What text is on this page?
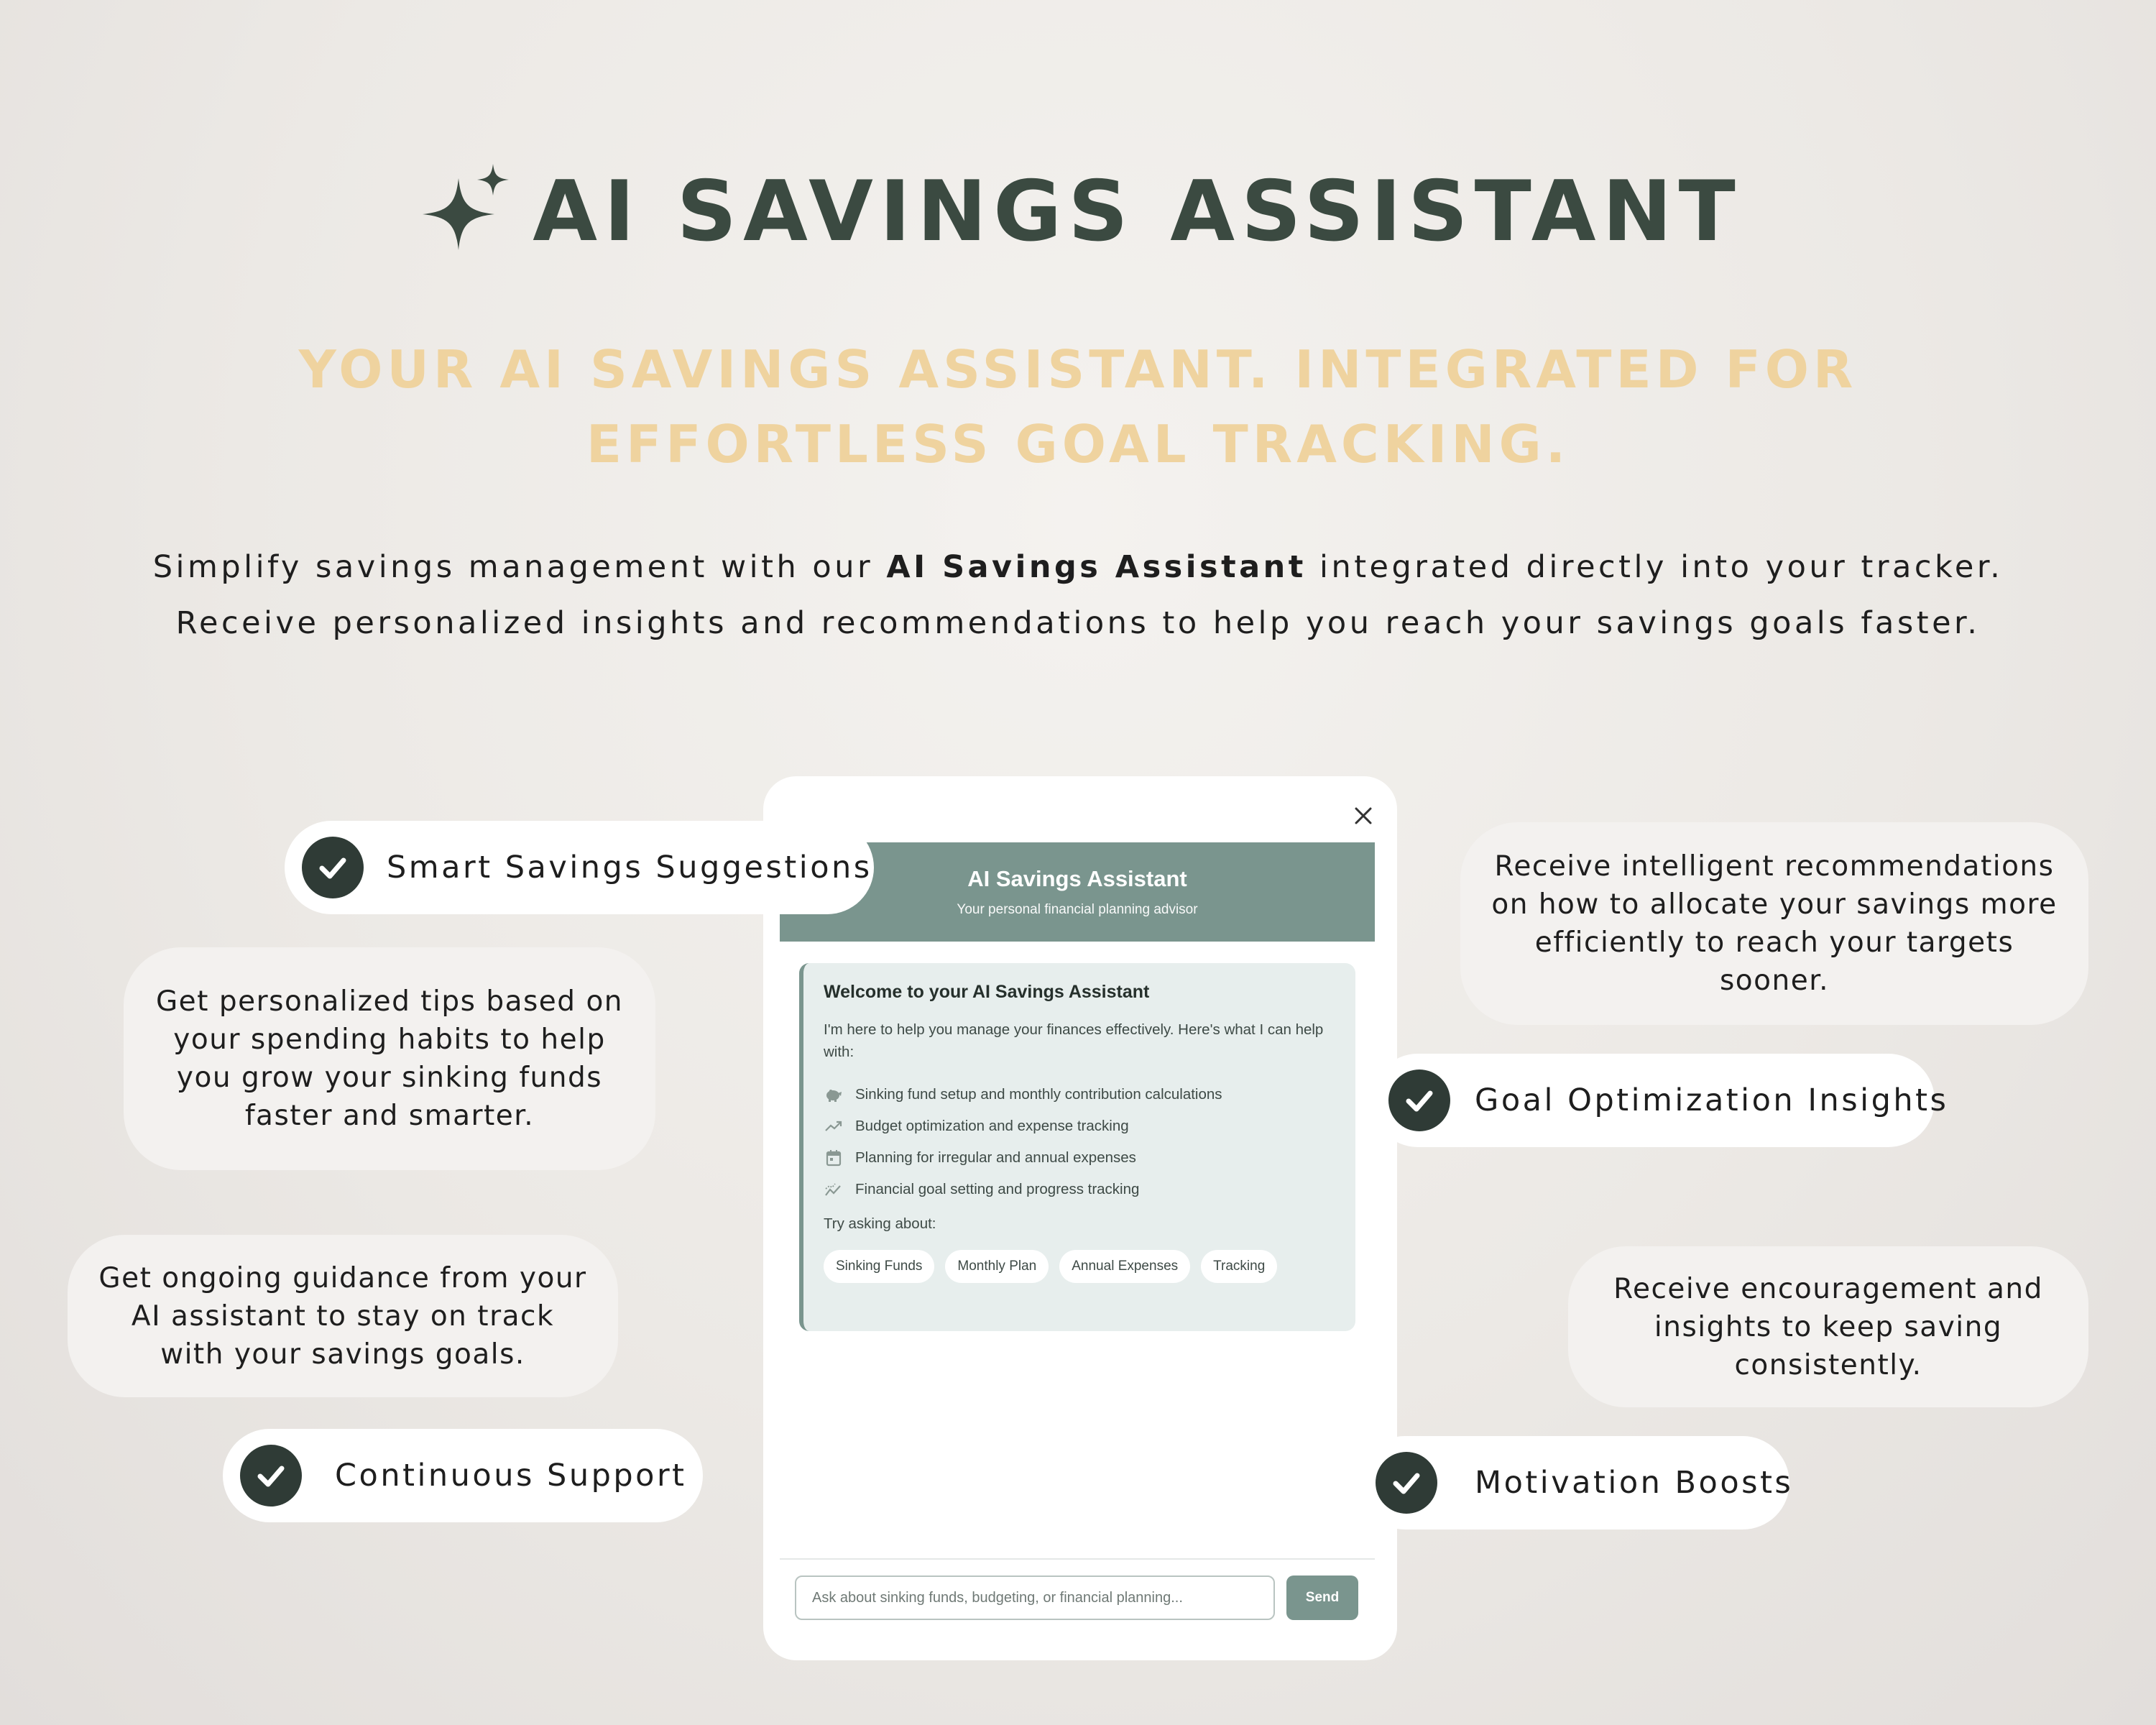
AI SAVINGS ASSISTANT
YOUR AI SAVINGS ASSISTANT. INTEGRATED FOR EFFORTLESS GOAL TRACKING.
Simplify savings management with our AI Savings Assistant integrated directly into your tracker.
Receive personalized insights and recommendations to help you reach your savings goals faster.
Get personalized tips based on your spending habits to help you grow your sinking funds faster and smarter.
Get ongoing guidance from your AI assistant to stay on track with your savings goals.
Receive intelligent recommendations on how to allocate your savings more efficiently to reach your targets sooner.
Receive encouragement and insights to keep saving consistently.
AI Savings Assistant
Your personal financial planning advisor
Welcome to your AI Savings Assistant
I'm here to help you manage your finances effectively. Here's what I can help with:
Sinking fund setup and monthly contribution calculations
Budget optimization and expense tracking
Planning for irregular and annual expenses
Financial goal setting and progress tracking
Try asking about:
Sinking Funds	Monthly Plan	Annual Expenses	Tracking
Ask about sinking funds, budgeting, or financial planning...
Send
Smart Savings Suggestions
Continuous Support
Goal Optimization Insights
Motivation Boosts
